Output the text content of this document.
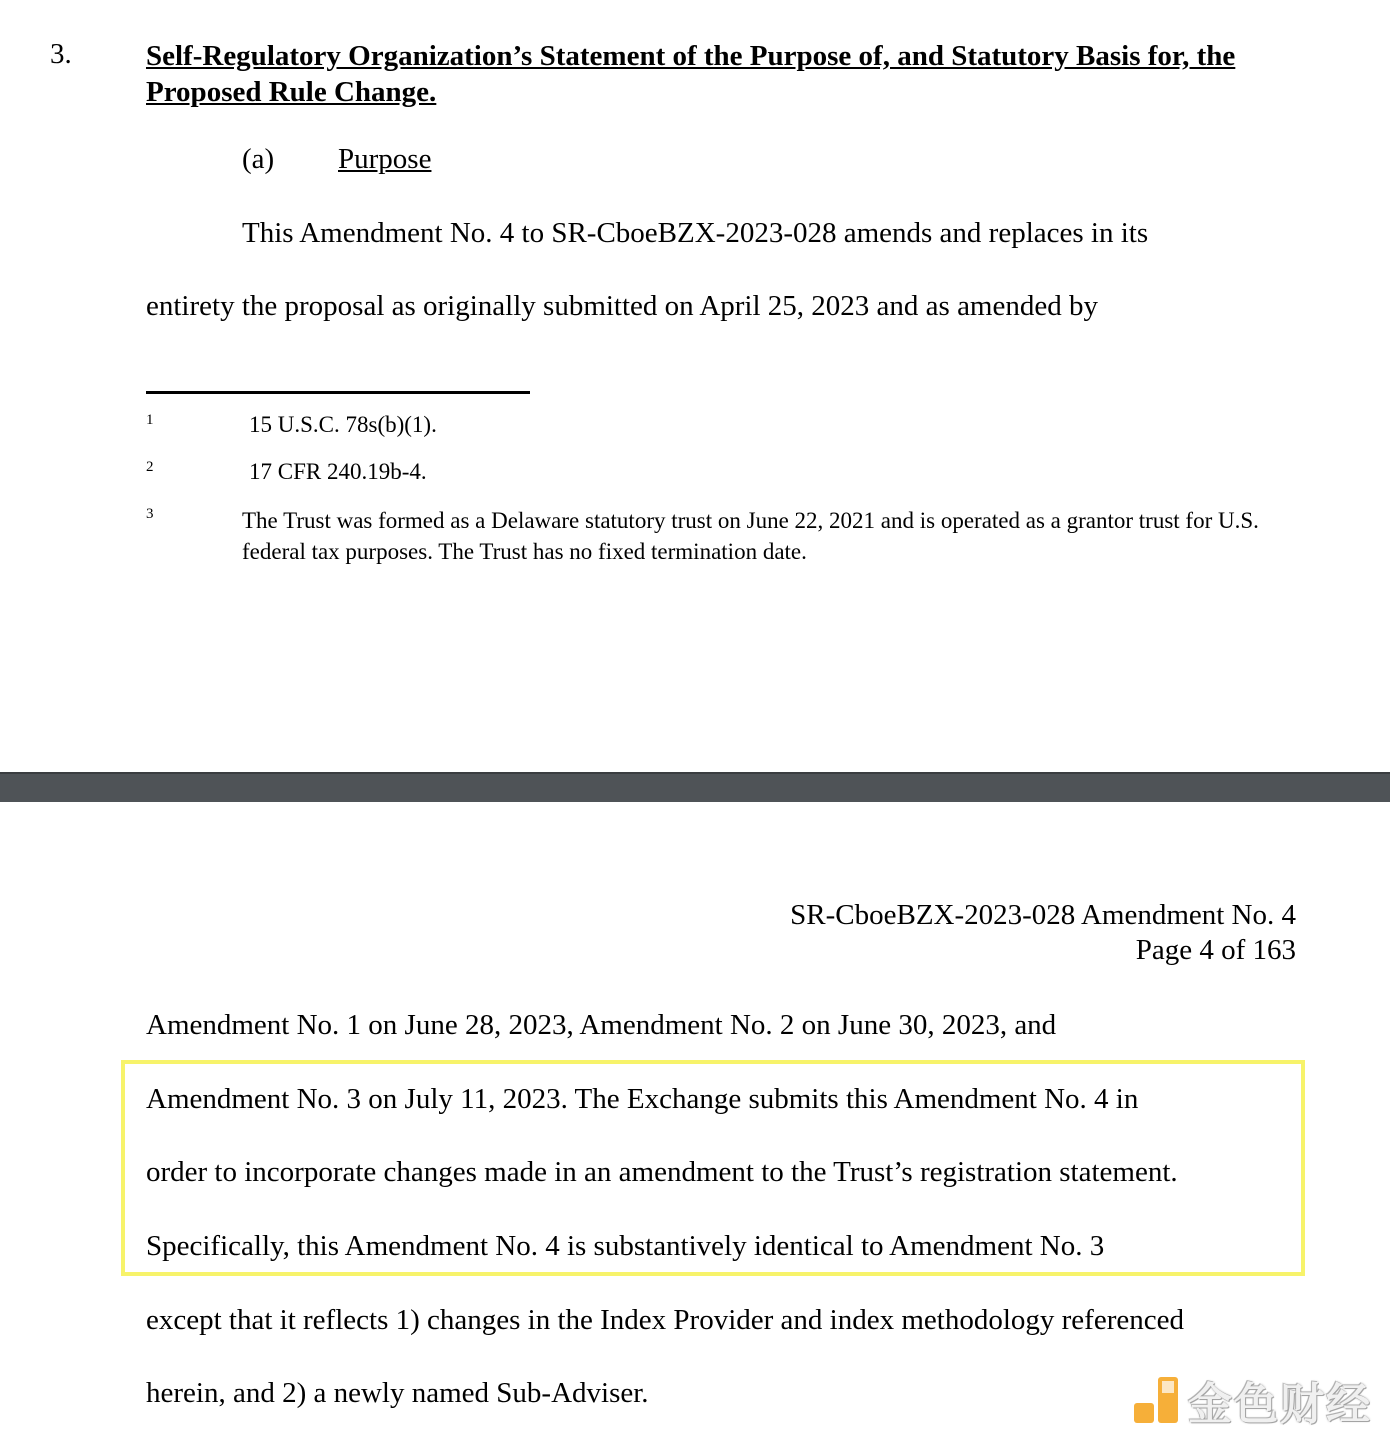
3.	Self-Regulatory Organization’s Statement of the Purpose of, and Statutory Basis for, the Proposed Rule Change.
(a) Purpose
This Amendment No. 4 to SR-CboeBZX-2023-028 amends and replaces in its
entirety the proposal as originally submitted on April 25, 2023 and as amended by
1	15 U.S.C. 78s(b)(1).
2	17 CFR 240.19b-4.
3	The Trust was formed as a Delaware statutory trust on June 22, 2021 and is operated as a grantor trust for U.S. federal tax purposes. The Trust has no fixed termination date.
SR-CboeBZX-2023-028 Amendment No. 4
Page 4 of 163
Amendment No. 1 on June 28, 2023, Amendment No. 2 on June 30, 2023, and
Amendment No. 3 on July 11, 2023. The Exchange submits this Amendment No. 4 in
order to incorporate changes made in an amendment to the Trust’s registration statement.
Specifically, this Amendment No. 4 is substantively identical to Amendment No. 3
except that it reflects 1) changes in the Index Provider and index methodology referenced
herein, and 2) a newly named Sub-Adviser.	金色财经
